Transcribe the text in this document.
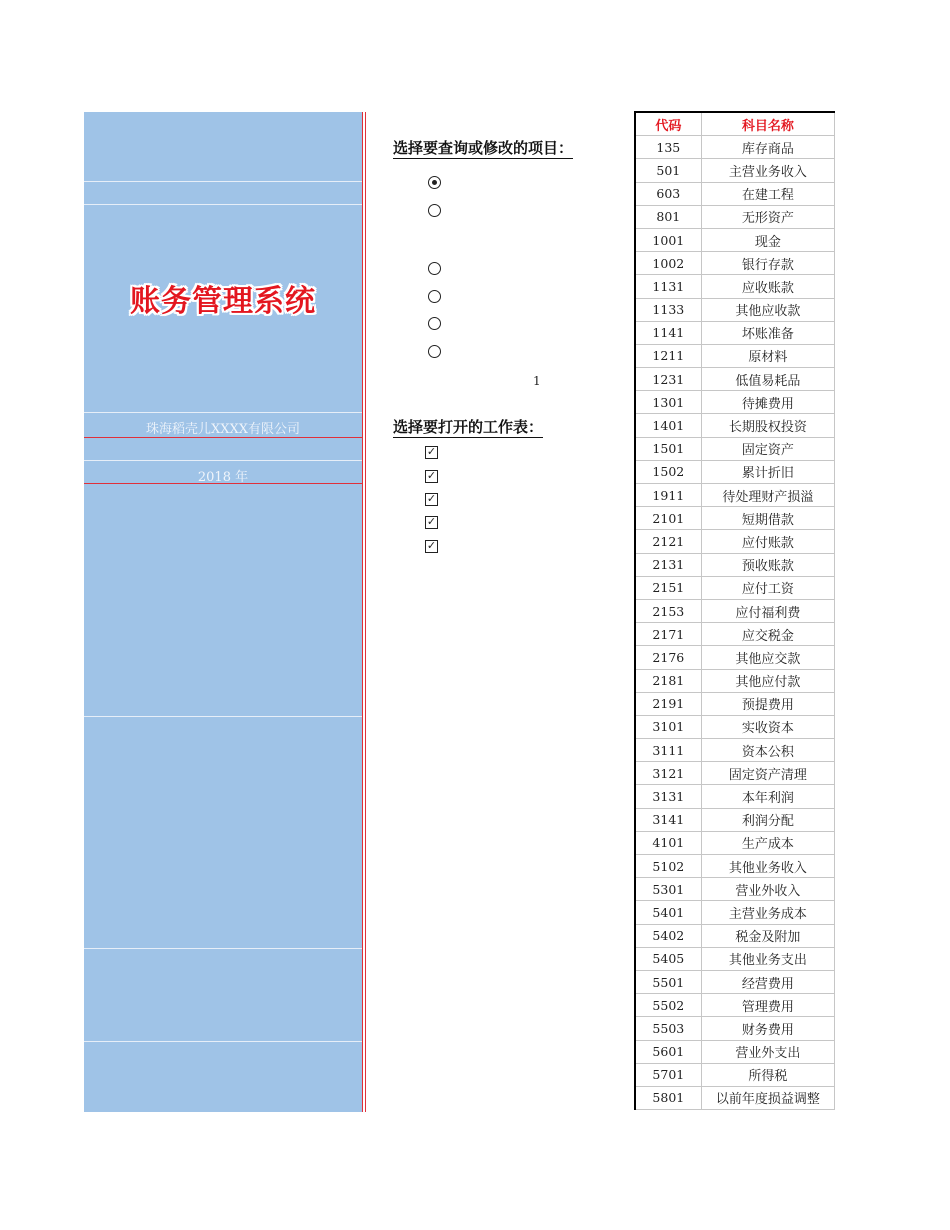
账务管理系统
珠海稻壳儿XXXX有限公司
2018 年
选择要查询或修改的项目：
1
选择要打开的工作表：
✓
✓
✓
✓
✓
代码	科目名称
135	库存商品
501	主营业务收入
603	在建工程
801	无形资产
1001	现金
1002	银行存款
1131	应收账款
1133	其他应收款
1141	坏账准备
1211	原材料
1231	低值易耗品
1301	待摊费用
1401	长期股权投资
1501	固定资产
1502	累计折旧
1911	待处理财产损溢
2101	短期借款
2121	应付账款
2131	预收账款
2151	应付工资
2153	应付福利费
2171	应交税金
2176	其他应交款
2181	其他应付款
2191	预提费用
3101	实收资本
3111	资本公积
3121	固定资产清理
3131	本年利润
3141	利润分配
4101	生产成本
5102	其他业务收入
5301	营业外收入
5401	主营业务成本
5402	税金及附加
5405	其他业务支出
5501	经营费用
5502	管理费用
5503	财务费用
5601	营业外支出
5701	所得税
5801	以前年度损益调整
